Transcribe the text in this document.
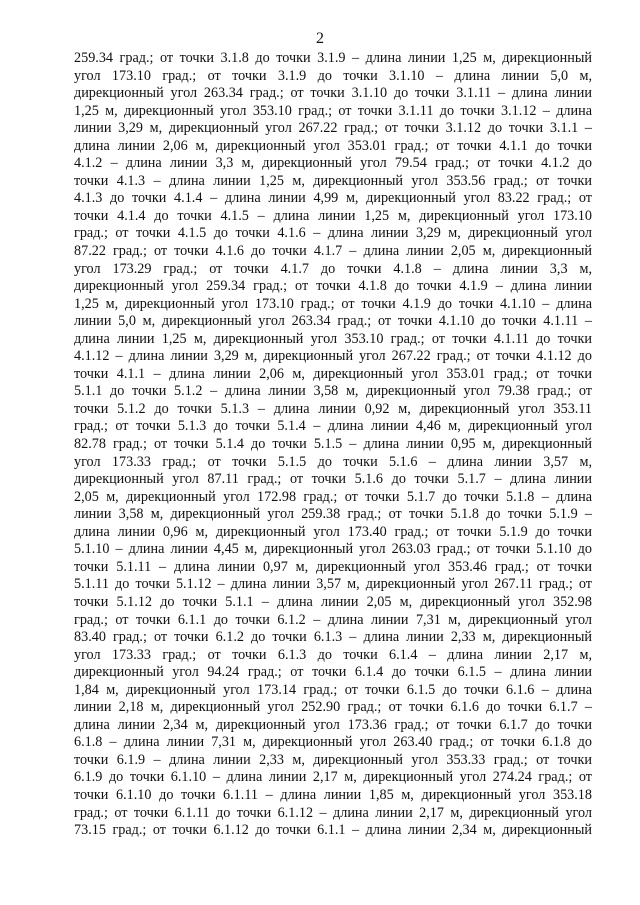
2
259.34 град.; от точки 3.1.8 до точки 3.1.9 – длина линии 1,25 м, дирекционный
угол 173.10 град.; от точки 3.1.9 до точки 3.1.10 – длина линии 5,0 м,
дирекционный угол 263.34 град.; от точки 3.1.10 до точки 3.1.11 – длина линии
1,25 м, дирекционный угол 353.10 град.; от точки 3.1.11 до точки 3.1.12 – длина
линии 3,29 м, дирекционный угол 267.22 град.; от точки 3.1.12 до точки 3.1.1 –
длина линии 2,06 м, дирекционный угол 353.01 град.; от точки 4.1.1 до точки
4.1.2 – длина линии 3,3 м, дирекционный угол 79.54 град.; от точки 4.1.2 до
точки 4.1.3 – длина линии 1,25 м, дирекционный угол 353.56 град.; от точки
4.1.3 до точки 4.1.4 – длина линии 4,99 м, дирекционный угол 83.22 град.; от
точки 4.1.4 до точки 4.1.5 – длина линии 1,25 м, дирекционный угол 173.10
град.; от точки 4.1.5 до точки 4.1.6 – длина линии 3,29 м, дирекционный угол
87.22 град.; от точки 4.1.6 до точки 4.1.7 – длина линии 2,05 м, дирекционный
угол 173.29 град.; от точки 4.1.7 до точки 4.1.8 – длина линии 3,3 м,
дирекционный угол 259.34 град.; от точки 4.1.8 до точки 4.1.9 – длина линии
1,25 м, дирекционный угол 173.10 град.; от точки 4.1.9 до точки 4.1.10 – длина
линии 5,0 м, дирекционный угол 263.34 град.; от точки 4.1.10 до точки 4.1.11 –
длина линии 1,25 м, дирекционный угол 353.10 град.; от точки 4.1.11 до точки
4.1.12 – длина линии 3,29 м, дирекционный угол 267.22 град.; от точки 4.1.12 до
точки 4.1.1 – длина линии 2,06 м, дирекционный угол 353.01 град.; от точки
5.1.1 до точки 5.1.2 – длина линии 3,58 м, дирекционный угол 79.38 град.; от
точки 5.1.2 до точки 5.1.3 – длина линии 0,92 м, дирекционный угол 353.11
град.; от точки 5.1.3 до точки 5.1.4 – длина линии 4,46 м, дирекционный угол
82.78 град.; от точки 5.1.4 до точки 5.1.5 – длина линии 0,95 м, дирекционный
угол 173.33 град.; от точки 5.1.5 до точки 5.1.6 – длина линии 3,57 м,
дирекционный угол 87.11 град.; от точки 5.1.6 до точки 5.1.7 – длина линии
2,05 м, дирекционный угол 172.98 град.; от точки 5.1.7 до точки 5.1.8 – длина
линии 3,58 м, дирекционный угол 259.38 град.; от точки 5.1.8 до точки 5.1.9 –
длина линии 0,96 м, дирекционный угол 173.40 град.; от точки 5.1.9 до точки
5.1.10 – длина линии 4,45 м, дирекционный угол 263.03 град.; от точки 5.1.10 до
точки 5.1.11 – длина линии 0,97 м, дирекционный угол 353.46 град.; от точки
5.1.11 до точки 5.1.12 – длина линии 3,57 м, дирекционный угол 267.11 град.; от
точки 5.1.12 до точки 5.1.1 – длина линии 2,05 м, дирекционный угол 352.98
град.; от точки 6.1.1 до точки 6.1.2 – длина линии 7,31 м, дирекционный угол
83.40 град.; от точки 6.1.2 до точки 6.1.3 – длина линии 2,33 м, дирекционный
угол 173.33 град.; от точки 6.1.3 до точки 6.1.4 – длина линии 2,17 м,
дирекционный угол 94.24 град.; от точки 6.1.4 до точки 6.1.5 – длина линии
1,84 м, дирекционный угол 173.14 град.; от точки 6.1.5 до точки 6.1.6 – длина
линии 2,18 м, дирекционный угол 252.90 град.; от точки 6.1.6 до точки 6.1.7 –
длина линии 2,34 м, дирекционный угол 173.36 град.; от точки 6.1.7 до точки
6.1.8 – длина линии 7,31 м, дирекционный угол 263.40 град.; от точки 6.1.8 до
точки 6.1.9 – длина линии 2,33 м, дирекционный угол 353.33 град.; от точки
6.1.9 до точки 6.1.10 – длина линии 2,17 м, дирекционный угол 274.24 град.; от
точки 6.1.10 до точки 6.1.11 – длина линии 1,85 м, дирекционный угол 353.18
град.; от точки 6.1.11 до точки 6.1.12 – длина линии 2,17 м, дирекционный угол
73.15 град.; от точки 6.1.12 до точки 6.1.1 – длина линии 2,34 м, дирекционный
